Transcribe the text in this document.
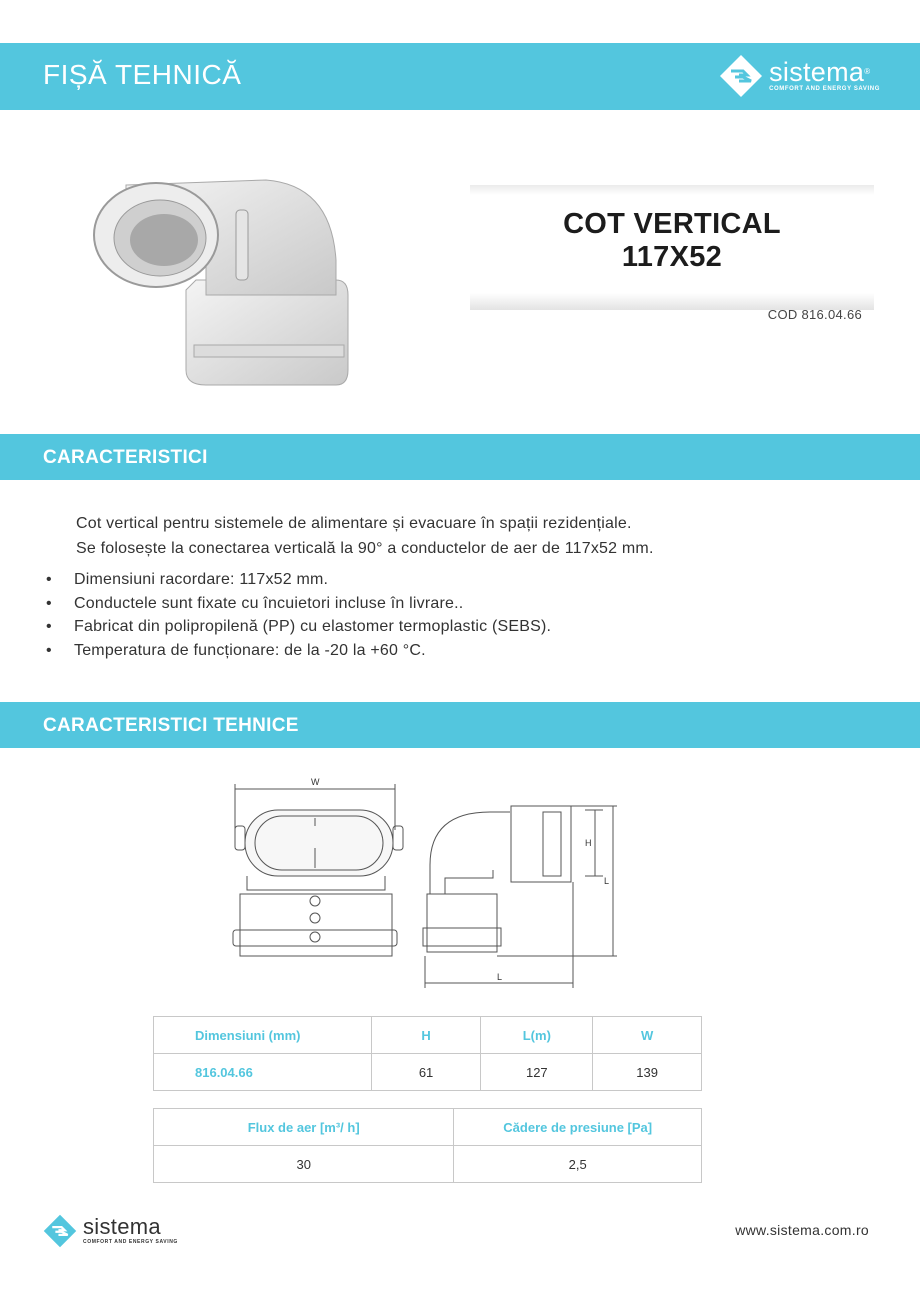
FIȘĂ TEHNICĂ	sistema®
COMFORT AND ENERGY SAVING
COT VERTICAL
117X52
COD 816.04.66
CARACTERISTICI
Cot vertical pentru sistemele de alimentare și evacuare în spații rezidențiale.
Se folosește la conectarea verticală la 90° a conductelor de aer de 117x52 mm.
• Dimensiuni racordare: 117x52 mm.
• Conductele sunt fixate cu încuietori incluse în livrare..
• Fabricat din polipropilenă (PP) cu elastomer termoplastic (SEBS).
• Temperatura de funcționare: de la -20 la +60 °C.
CARACTERISTICI TEHNICE
W
H
L
L
Dimensiuni (mm)	H	L(m)	W
816.04.66	61	127	139
Flux de aer [m³/ h]	Cădere de presiune [Pa]
30	2,5
sistema
COMFORT AND ENERGY SAVING
www.sistema.com.ro
